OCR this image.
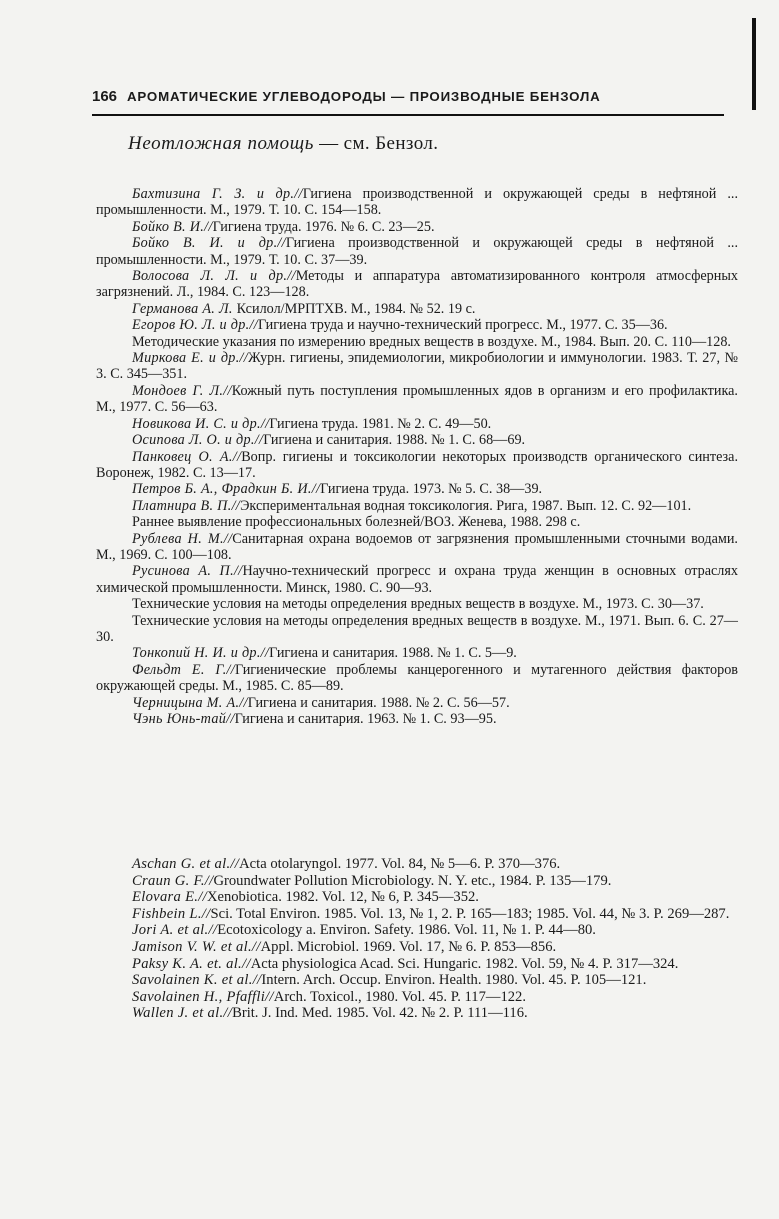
166 АРОМАТИЧЕСКИЕ УГЛЕВОДОРОДЫ — ПРОИЗВОДНЫЕ БЕНЗОЛА
Неотложная помощь — см. Бензол.

Бахтизина Г. З. и др.//Гигиена производственной и окружающей среды в нефтяной ... промышленности. М., 1979. Т. 10. С. 154—158.

Бойко В. И.//Гигиена труда. 1976. № 6. С. 23—25.

Бойко В. И. и др.//Гигиена производственной и окружающей среды в нефтяной ... промышленности. М., 1979. Т. 10. С. 37—39.

Волосова Л. Л. и др.//Методы и аппаратура автоматизированного контроля атмосферных загрязнений. Л., 1984. С. 123—128.

Германова А. Л. Ксилол/МРПТХВ. М., 1984. № 52. 19 с.

Егоров Ю. Л. и др.//Гигиена труда и научно-технический прогресс. М., 1977. С. 35—36.

Методические указания по измерению вредных веществ в воздухе. М., 1984. Вып. 20. С. 110—128.

Миркова Е. и др.//Журн. гигиены, эпидемиологии, микробиологии и иммунологии. 1983. Т. 27, № 3. С. 345—351.

Мондоев Г. Л.//Кожный путь поступления промышленных ядов в организм и его профилактика. М., 1977. С. 56—63.

Новикова И. С. и др.//Гигиена труда. 1981. № 2. С. 49—50.

Осипова Л. О. и др.//Гигиена и санитария. 1988. № 1. С. 68—69.

Панковец О. А.//Вопр. гигиены и токсикологии некоторых производств органического синтеза. Воронеж, 1982. С. 13—17.

Петров Б. А., Фрадкин Б. И.//Гигиена труда. 1973. № 5. С. 38—39.

Платнира В. П.//Экспериментальная водная токсикология. Рига, 1987. Вып. 12. С. 92—101.

Раннее выявление профессиональных болезней/ВОЗ. Женева, 1988. 298 с.

Рублева Н. М.//Санитарная охрана водоемов от загрязнения промышленными сточными водами. М., 1969. С. 100—108.

Русинова А. П.//Научно-технический прогресс и охрана труда женщин в основных отраслях химической промышленности. Минск, 1980. С. 90—93.

Технические условия на методы определения вредных веществ в воздухе. М., 1973. С. 30—37.

Технические условия на методы определения вредных веществ в воздухе. М., 1971. Вып. 6. С. 27—30.

Тонкопий Н. И. и др.//Гигиена и санитария. 1988. № 1. С. 5—9.

Фельдт Е. Г.//Гигиенические проблемы канцерогенного и мутагенного действия факторов окружающей среды. М., 1985. С. 85—89.

Черницына М. А.//Гигиена и санитария. 1988. № 2. С. 56—57.

Чэнь Юнь-тай//Гигиена и санитария. 1963. № 1. С. 93—95.

Aschan G. et al.//Acta otolaryngol. 1977. Vol. 84, № 5—6. P. 370—376.

Craun G. F.//Groundwater Pollution Microbiology. N. Y. etc., 1984. P. 135—179.

Elovara E.//Xenobiotica. 1982. Vol. 12, № 6, P. 345—352.

Fishbein L.//Sci. Total Environ. 1985. Vol. 13, № 1, 2. P. 165—183; 1985. Vol. 44, № 3. P. 269—287.

Jori A. et al.//Ecotoxicology a. Environ. Safety. 1986. Vol. 11, № 1. P. 44—80.

Jamison V. W. et al.//Appl. Microbiol. 1969. Vol. 17, № 6. P. 853—856.

Paksy K. A. et. al.//Acta physiologica Acad. Sci. Hungaric. 1982. Vol. 59, № 4. P. 317—324.

Savolainen K. et al.//Intern. Arch. Occup. Environ. Health. 1980. Vol. 45. P. 105—121.

Savolainen H., Pfaffli//Arch. Toxicol., 1980. Vol. 45. P. 117—122.

Wallen J. et al.//Brit. J. Ind. Med. 1985. Vol. 42. № 2. P. 111—116.
